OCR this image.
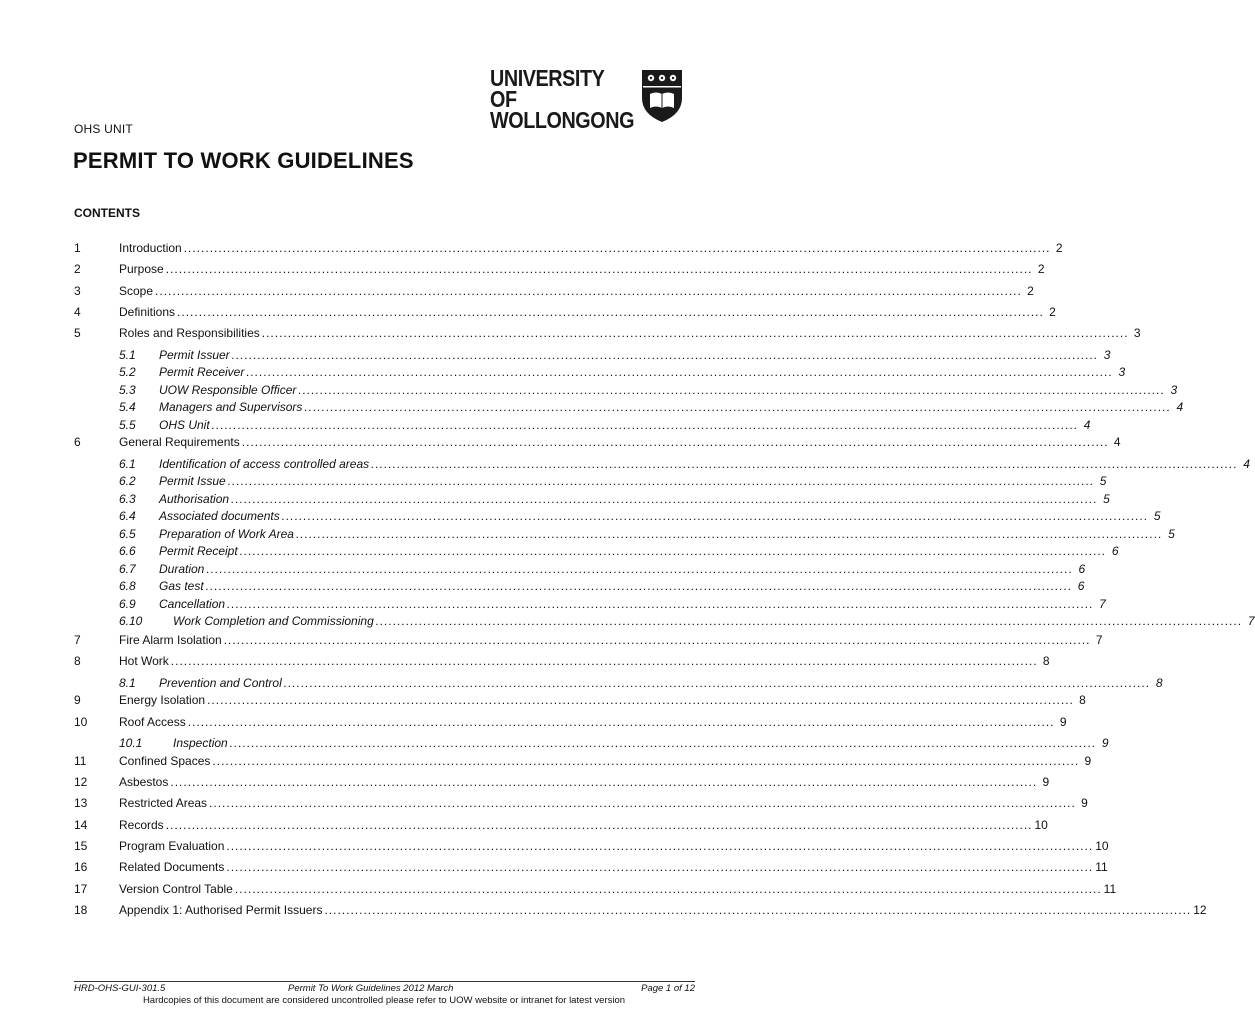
UNIVERSITY OF
WOLLONGONG
OHS UNIT
PERMIT TO WORK GUIDELINES
CONTENTS
1	Introduction ........................................................................................................................................................................................................ 2
2	Purpose ........................................................................................................................................................................................................ 2
3	Scope ........................................................................................................................................................................................................ 2
4	Definitions ........................................................................................................................................................................................................ 2
5	Roles and Responsibilities ........................................................................................................................................................................................................ 3
5.1 Permit Issuer ........................................................................................................................................................................................................ 3
5.2 Permit Receiver ........................................................................................................................................................................................................ 3
5.3 UOW Responsible Officer ........................................................................................................................................................................................................ 3
5.4 Managers and Supervisors ........................................................................................................................................................................................................ 4
5.5 OHS Unit ........................................................................................................................................................................................................ 4
6	General Requirements ........................................................................................................................................................................................................ 4
6.1 Identification of access controlled areas ........................................................................................................................................................................................................ 4
6.2 Permit Issue ........................................................................................................................................................................................................ 5
6.3 Authorisation ........................................................................................................................................................................................................ 5
6.4 Associated documents ........................................................................................................................................................................................................ 5
6.5 Preparation of Work Area ........................................................................................................................................................................................................ 5
6.6 Permit Receipt ........................................................................................................................................................................................................ 6
6.7 Duration ........................................................................................................................................................................................................ 6
6.8 Gas test ........................................................................................................................................................................................................ 6
6.9 Cancellation ........................................................................................................................................................................................................ 7
6.10	Work Completion and Commissioning ........................................................................................................................................................................................................ 7
7	Fire Alarm Isolation ........................................................................................................................................................................................................ 7
8	Hot Work ........................................................................................................................................................................................................ 8
8.1 Prevention and Control ........................................................................................................................................................................................................ 8
9	Energy Isolation ........................................................................................................................................................................................................ 8
10	Roof Access ........................................................................................................................................................................................................ 9
10.1	Inspection ........................................................................................................................................................................................................ 9
11	Confined Spaces ........................................................................................................................................................................................................ 9
12	Asbestos ........................................................................................................................................................................................................ 9
13	Restricted Areas ........................................................................................................................................................................................................ 9
14	Records ........................................................................................................................................................................................................ 10
15	Program Evaluation ........................................................................................................................................................................................................ 10
16	Related Documents ........................................................................................................................................................................................................ 11
17	Version Control Table ........................................................................................................................................................................................................ 11
18	Appendix 1: Authorised Permit Issuers ........................................................................................................................................................................................................ 12
HRD-OHS-GUI-301.5	Permit To Work Guidelines 2012 March	Page 1 of 12
Hardcopies of this document are considered uncontrolled please refer to UOW website or intranet for latest version
